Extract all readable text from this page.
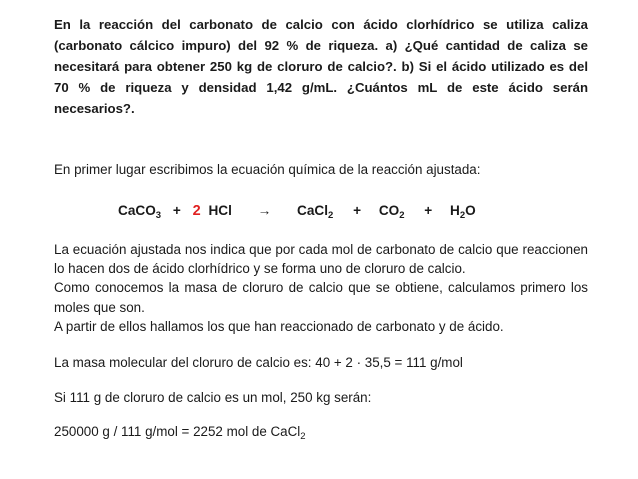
En la reacción del carbonato de calcio con ácido clorhídrico se utiliza caliza (carbonato cálcico impuro) del 92 % de riqueza. a) ¿Qué cantidad de caliza se necesitará para obtener 250 kg de cloruro de calcio?. b) Si el ácido utilizado es del 70 % de riqueza y densidad 1,42 g/mL. ¿Cuántos mL de este ácido serán necesarios?.
En primer lugar escribimos la ecuación química de la reacción ajustada:
CaCO$_3$ + 2 HCl → CaCl$_2$ + $CO_2 + H_2O$
La ecuación ajustada nos indica que por cada mol de carbonato de calcio que reaccionen lo hacen dos de ácido clorhídrico y se forma uno de cloruro de calcio.
Como conocemos la masa de cloruro de calcio que se obtiene, calculamos primero los moles que son.
A partir de ellos hallamos los que han reaccionado de carbonato y de ácido.
La masa molecular del cloruro de calcio es: 40 + 2 · 35,5 = 111 g/mol
Si 111 g de cloruro de calcio es un mol, 250 kg serán:
250000 g / 111 g/mol = 2252 mol de CaCl$_2$
